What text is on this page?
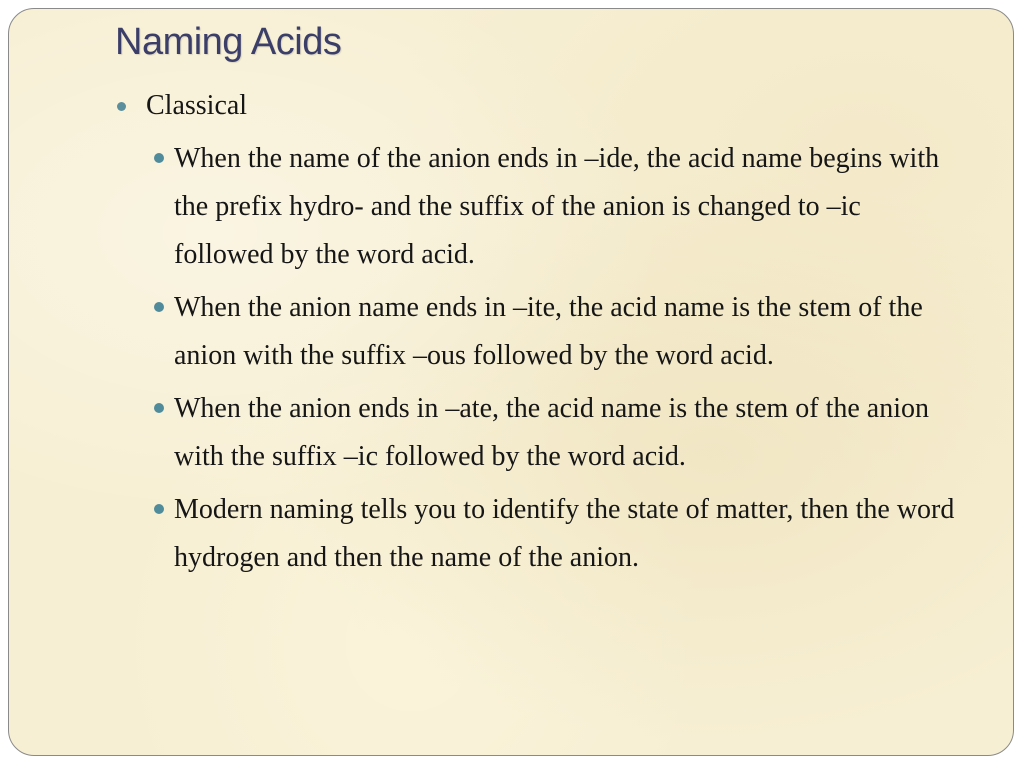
Naming Acids
Classical
When the name of the anion ends in –ide, the acid name begins with the prefix hydro- and the suffix of the anion is changed to –ic followed by the word acid.
When the anion name ends in –ite, the acid name is the stem of the anion with the suffix –ous followed by the word acid.
When the anion ends in –ate, the acid name is the stem of the anion with the suffix –ic followed by the word acid.
Modern naming tells you to identify the state of matter, then the word hydrogen and then the name of the anion.
